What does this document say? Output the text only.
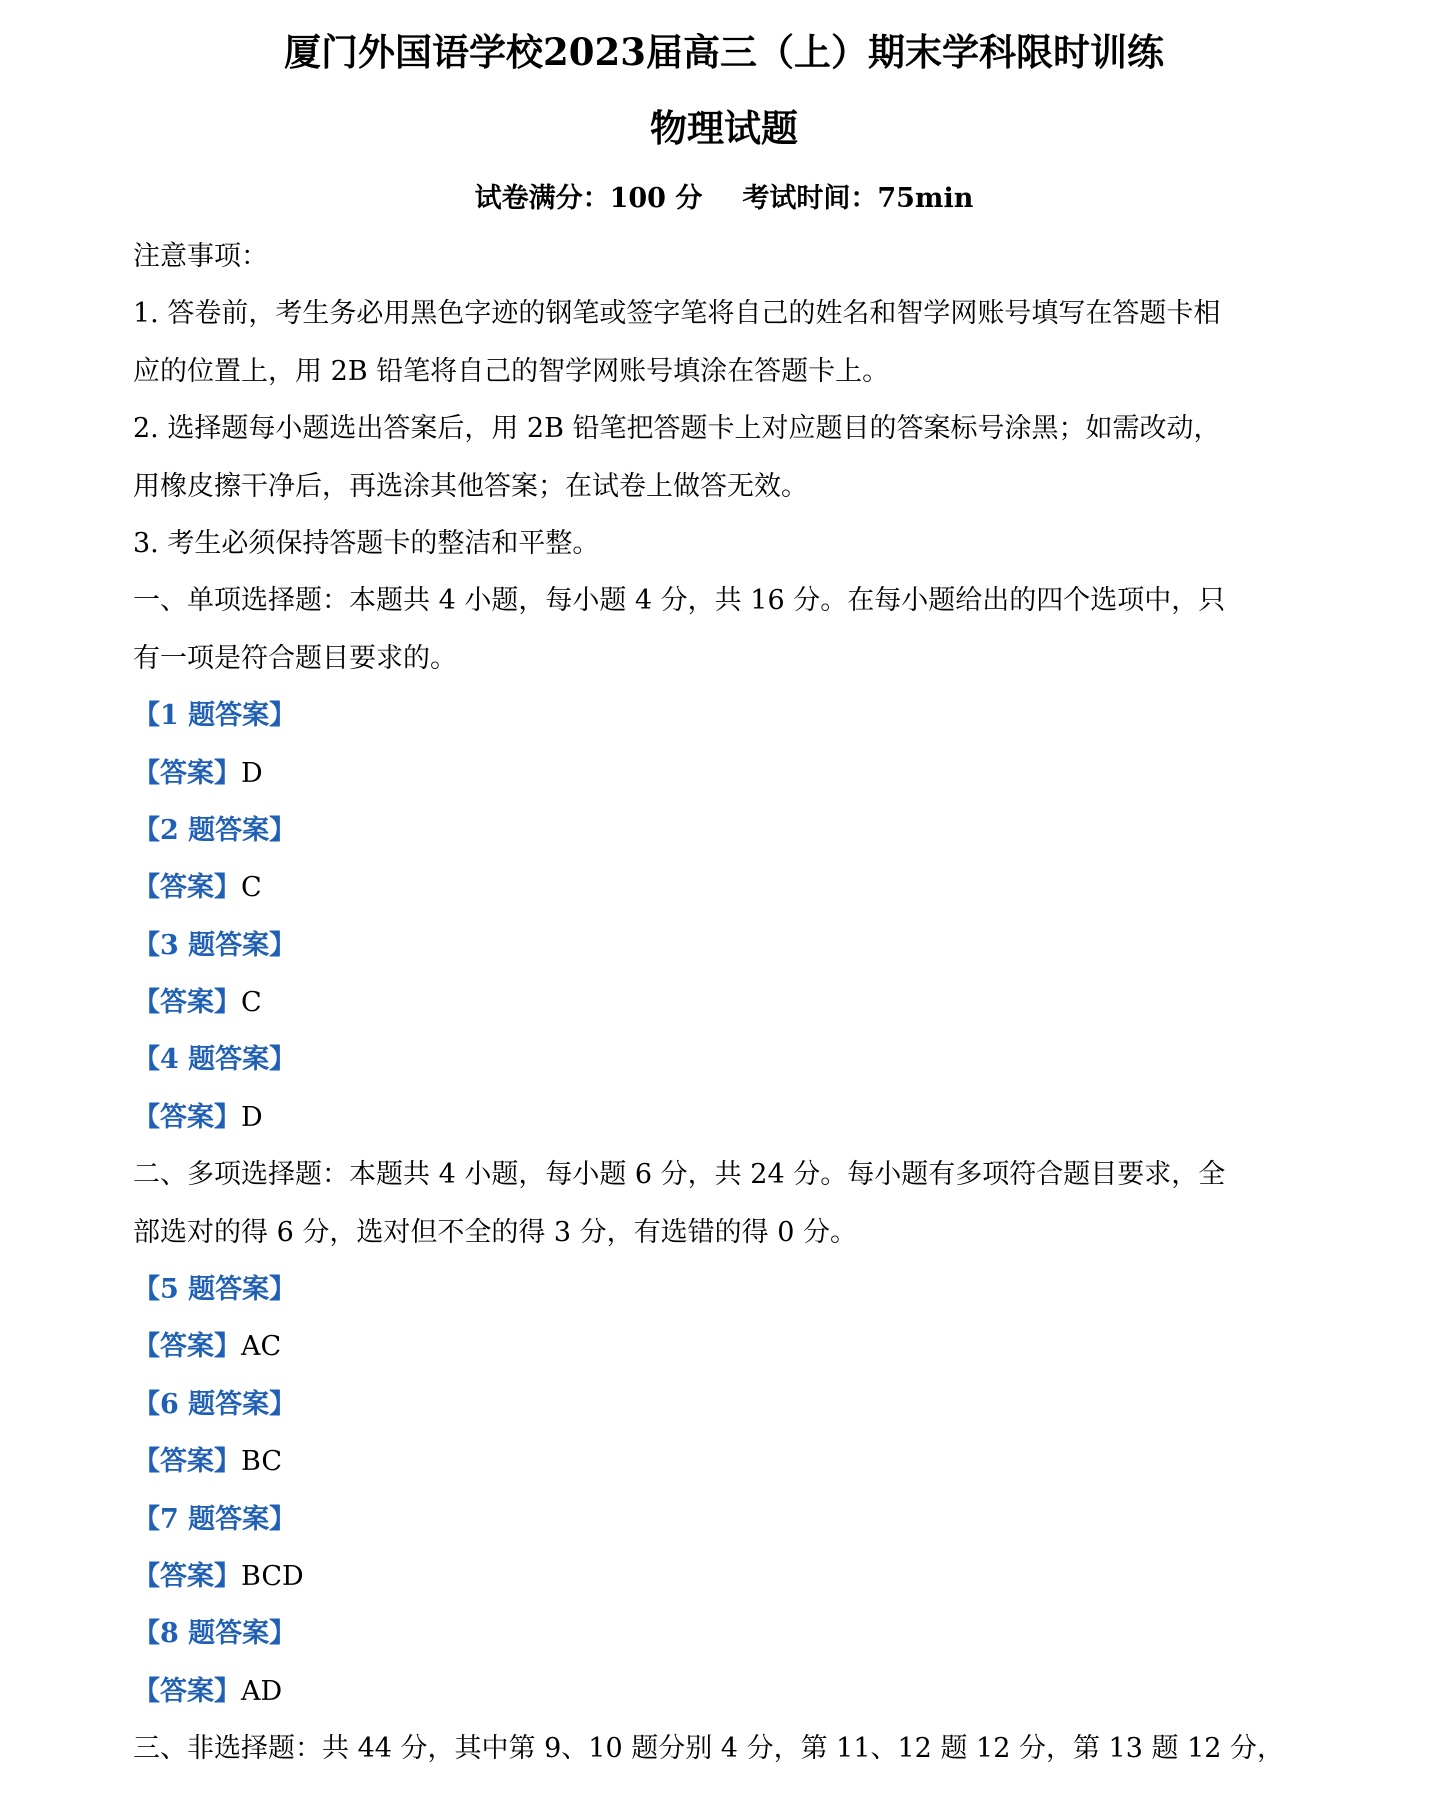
厦门外国语学校2023届高三（上）期末学科限时训练
物理试题
试卷满分：100 分 考试时间：75min
注意事项：
1. 答卷前，考生务必用黑色字迹的钢笔或签字笔将自己的姓名和智学网账号填写在答题卡相
应的位置上，用 2B 铅笔将自己的智学网账号填涂在答题卡上。
2. 选择题每小题选出答案后，用 2B 铅笔把答题卡上对应题目的答案标号涂黑；如需改动，
用橡皮擦干净后，再选涂其他答案；在试卷上做答无效。
3. 考生必须保持答题卡的整洁和平整。
一、单项选择题：本题共 4 小题，每小题 4 分，共 16 分。在每小题给出的四个选项中，只
有一项是符合题目要求的。
【1 题答案】
【答案】D
【2 题答案】
【答案】C
【3 题答案】
【答案】C
【4 题答案】
【答案】D
二、多项选择题：本题共 4 小题，每小题 6 分，共 24 分。每小题有多项符合题目要求，全
部选对的得 6 分，选对但不全的得 3 分，有选错的得 0 分。
【5 题答案】
【答案】AC
【6 题答案】
【答案】BC
【7 题答案】
【答案】BCD
【8 题答案】
【答案】AD
三、非选择题：共 44 分，其中第 9、10 题分别 4 分，第 11、12 题 12 分，第 13 题 12 分，
